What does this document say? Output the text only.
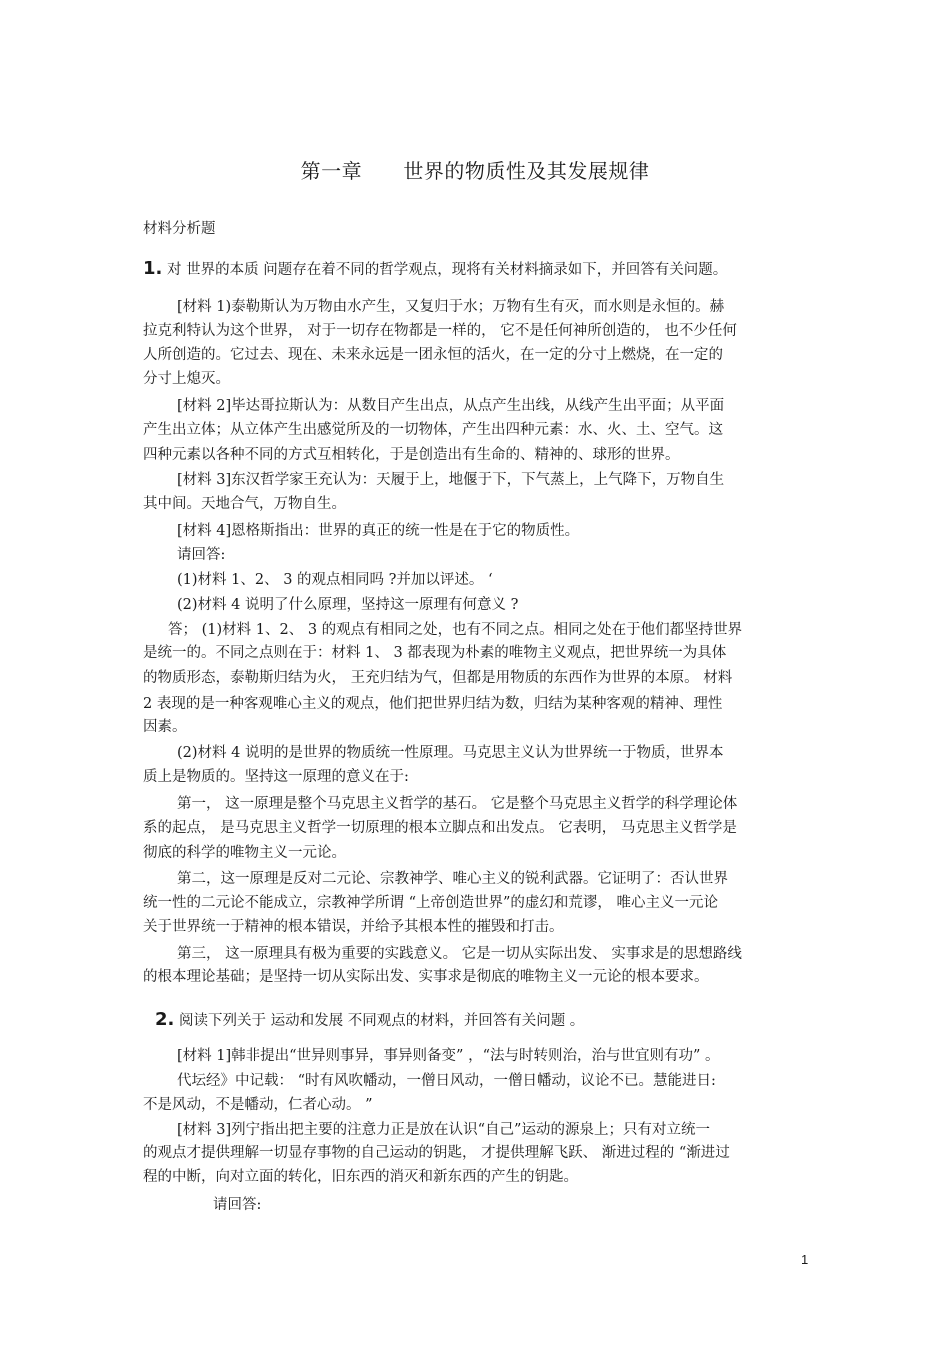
第一章      世界的物质性及其发展规律
材料分析题
1. 对 世界的本质 问题存在着不同的哲学观点，现将有关材料摘录如下，并回答有关问题。
[材料 1)泰勒斯认为万物由水产生，又复归于水；万物有生有灭，而水则是永恒的。赫
拉克利特认为这个世界， 对于一切存在物都是一样的， 它不是任何神所创造的， 也不少任何
人所创造的。它过去、现在、未来永远是一团永恒的活火，在一定的分寸上燃烧，在一定的
分寸上熄灭。
[材料 2]毕达哥拉斯认为：从数目产生出点，从点产生出线，从线产生出平面；从平面
产生出立体；从立体产生出感觉所及的一切物体，产生出四种元素：水、火、土、空气。这
四种元素以各种不同的方式互相转化，于是创造出有生命的、精神的、球形的世界。
[材料 3]东汉哲学家王充认为：天履于上，地偃于下，下气蒸上，上气降下，万物自生
其中间。天地合气，万物自生。
[材料 4]恩格斯指出：世界的真正的统一性是在于它的物质性。
请回答:
(1)材料 1、2、 3 的观点相同吗 ?并加以评述。 ‘
(2)材料 4 说明了什么原理，坚持这一原理有何意义 ?
答； (1)材料 1、2、 3 的观点有相同之处，也有不同之点。相同之处在于他们都坚持世界
是统一的。不同之点则在于：材料 1、 3 都表现为朴素的唯物主义观点，把世界统一为具体
的物质形态，泰勒斯归结为火， 王充归结为气，但都是用物质的东西作为世界的本原。 材料
2 表现的是一种客观唯心主义的观点，他们把世界归结为数，归结为某种客观的精神、理性
因素。
(2)材料 4 说明的是世界的物质统一性原理。马克思主义认为世界统一于物质，世界本
质上是物质的。坚持这一原理的意义在于:
第一， 这一原理是整个马克思主义哲学的基石。 它是整个马克思主义哲学的科学理论体
系的起点， 是马克思主义哲学一切原理的根本立脚点和出发点。 它表明， 马克思主义哲学是
彻底的科学的唯物主义一元论。
第二，这一原理是反对二元论、宗教神学、唯心主义的锐利武器。它证明了：否认世界
统一性的二元论不能成立，宗教神学所谓 “上帝创造世界”的虚幻和荒谬， 唯心主义一元论
关于世界统一于精神的根本错误，并给予其根本性的摧毁和打击。
第三， 这一原理具有极为重要的实践意义。 它是一切从实际出发、 实事求是的思想路线
的根本理论基础；是坚持一切从实际出发、实事求是彻底的唯物主义一元论的根本要求。
2. 阅读下列关于 运动和发展 不同观点的材料，并回答有关问题 。
[材料 1]韩非提出“世异则事异，事异则备变” ，“法与时转则治，治与世宜则有功” 。
代坛经》中记载： “时有风吹幡动，一僧日风动，一僧日幡动，议论不已。慧能进日:
不是风动，不是幡动，仁者心动。 ”
[材料 3]列宁指出把主要的注意力正是放在认识“自己”运动的源泉上；只有对立统一
的观点才提供理解一切显存事物的自己运动的钥匙， 才提供理解飞跃、 渐进过程的 “渐进过
程的中断，向对立面的转化，旧东西的消灭和新东西的产生的钥匙。
请回答:
1
